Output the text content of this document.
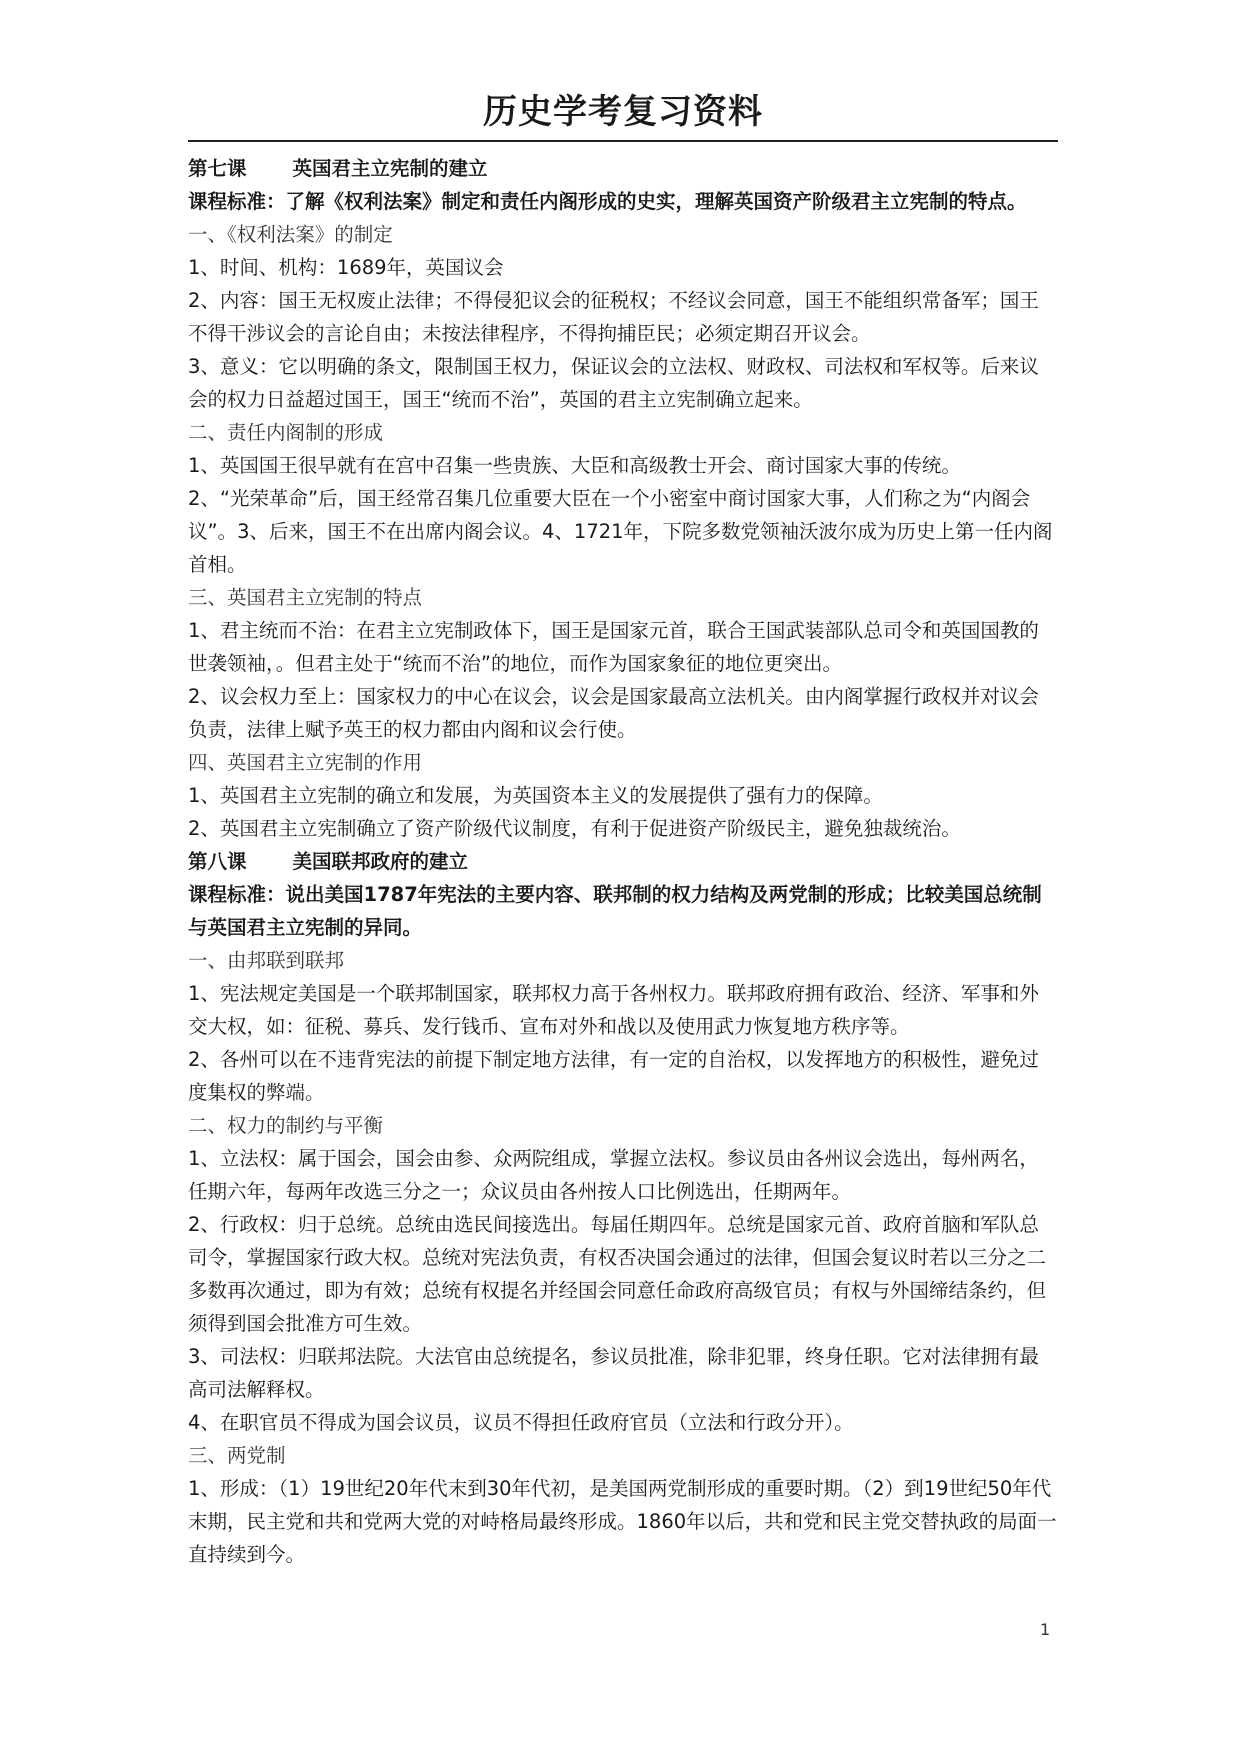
历史学考复习资料

第七课 英国君主立宪制的建立

课程标准：了解《权利法案》制定和责任内阁形成的史实，理解英国资产阶级君主立宪制的特点。

一、《权利法案》的制定

1、时间、机构：1689年，英国议会

2、内容：国王无权废止法律；不得侵犯议会的征税权；不经议会同意，国王不能组织常备军；国王不得干涉议会的言论自由；未按法律程序，不得拘捕臣民；必须定期召开议会。

3、意义：它以明确的条文，限制国王权力，保证议会的立法权、财政权、司法权和军权等。后来议会的权力日益超过国王，国王“统而不治”，英国的君主立宪制确立起来。

二、责任内阁制的形成

1、英国国王很早就有在宫中召集一些贵族、大臣和高级教士开会、商讨国家大事的传统。

2、“光荣革命”后，国王经常召集几位重要大臣在一个小密室中商讨国家大事，人们称之为“内阁会议”。3、后来，国王不在出席内阁会议。4、1721年，下院多数党领袖沃波尔成为历史上第一任内阁首相。

三、英国君主立宪制的特点

1、君主统而不治：在君主立宪制政体下，国王是国家元首，联合王国武装部队总司令和英国国教的世袭领袖，。但君主处于“统而不治”的地位，而作为国家象征的地位更突出。

2、议会权力至上：国家权力的中心在议会，议会是国家最高立法机关。由内阁掌握行政权并对议会负责，法律上赋予英王的权力都由内阁和议会行使。

四、英国君主立宪制的作用

1、英国君主立宪制的确立和发展，为英国资本主义的发展提供了强有力的保障。

2、英国君主立宪制确立了资产阶级代议制度，有利于促进资产阶级民主，避免独裁统治。

第八课 美国联邦政府的建立

课程标准：说出美国1787年宪法的主要内容、联邦制的权力结构及两党制的形成；比较美国总统制与英国君主立宪制的异同。

一、由邦联到联邦

1、宪法规定美国是一个联邦制国家，联邦权力高于各州权力。联邦政府拥有政治、经济、军事和外交大权，如：征税、募兵、发行钱币、宣布对外和战以及使用武力恢复地方秩序等。

2、各州可以在不违背宪法的前提下制定地方法律，有一定的自治权，以发挥地方的积极性，避免过度集权的弊端。

二、权力的制约与平衡

1、立法权：属于国会，国会由参、众两院组成，掌握立法权。参议员由各州议会选出，每州两名，任期六年，每两年改选三分之一；众议员由各州按人口比例选出，任期两年。

2、行政权：归于总统。总统由选民间接选出。每届任期四年。总统是国家元首、政府首脑和军队总司令，掌握国家行政大权。总统对宪法负责，有权否决国会通过的法律，但国会复议时若以三分之二多数再次通过，即为有效；总统有权提名并经国会同意任命政府高级官员；有权与外国缔结条约，但须得到国会批准方可生效。

3、司法权：归联邦法院。大法官由总统提名，参议员批准，除非犯罪，终身任职。它对法律拥有最高司法解释权。

4、在职官员不得成为国会议员，议员不得担任政府官员（立法和行政分开）。

三、两党制

1、形成：（1）19世纪20年代末到30年代初，是美国两党制形成的重要时期。（2）到19世纪50年代末期，民主党和共和党两大党的对峙格局最终形成。1860年以后，共和党和民主党交替执政的局面一直持续到今。

1
